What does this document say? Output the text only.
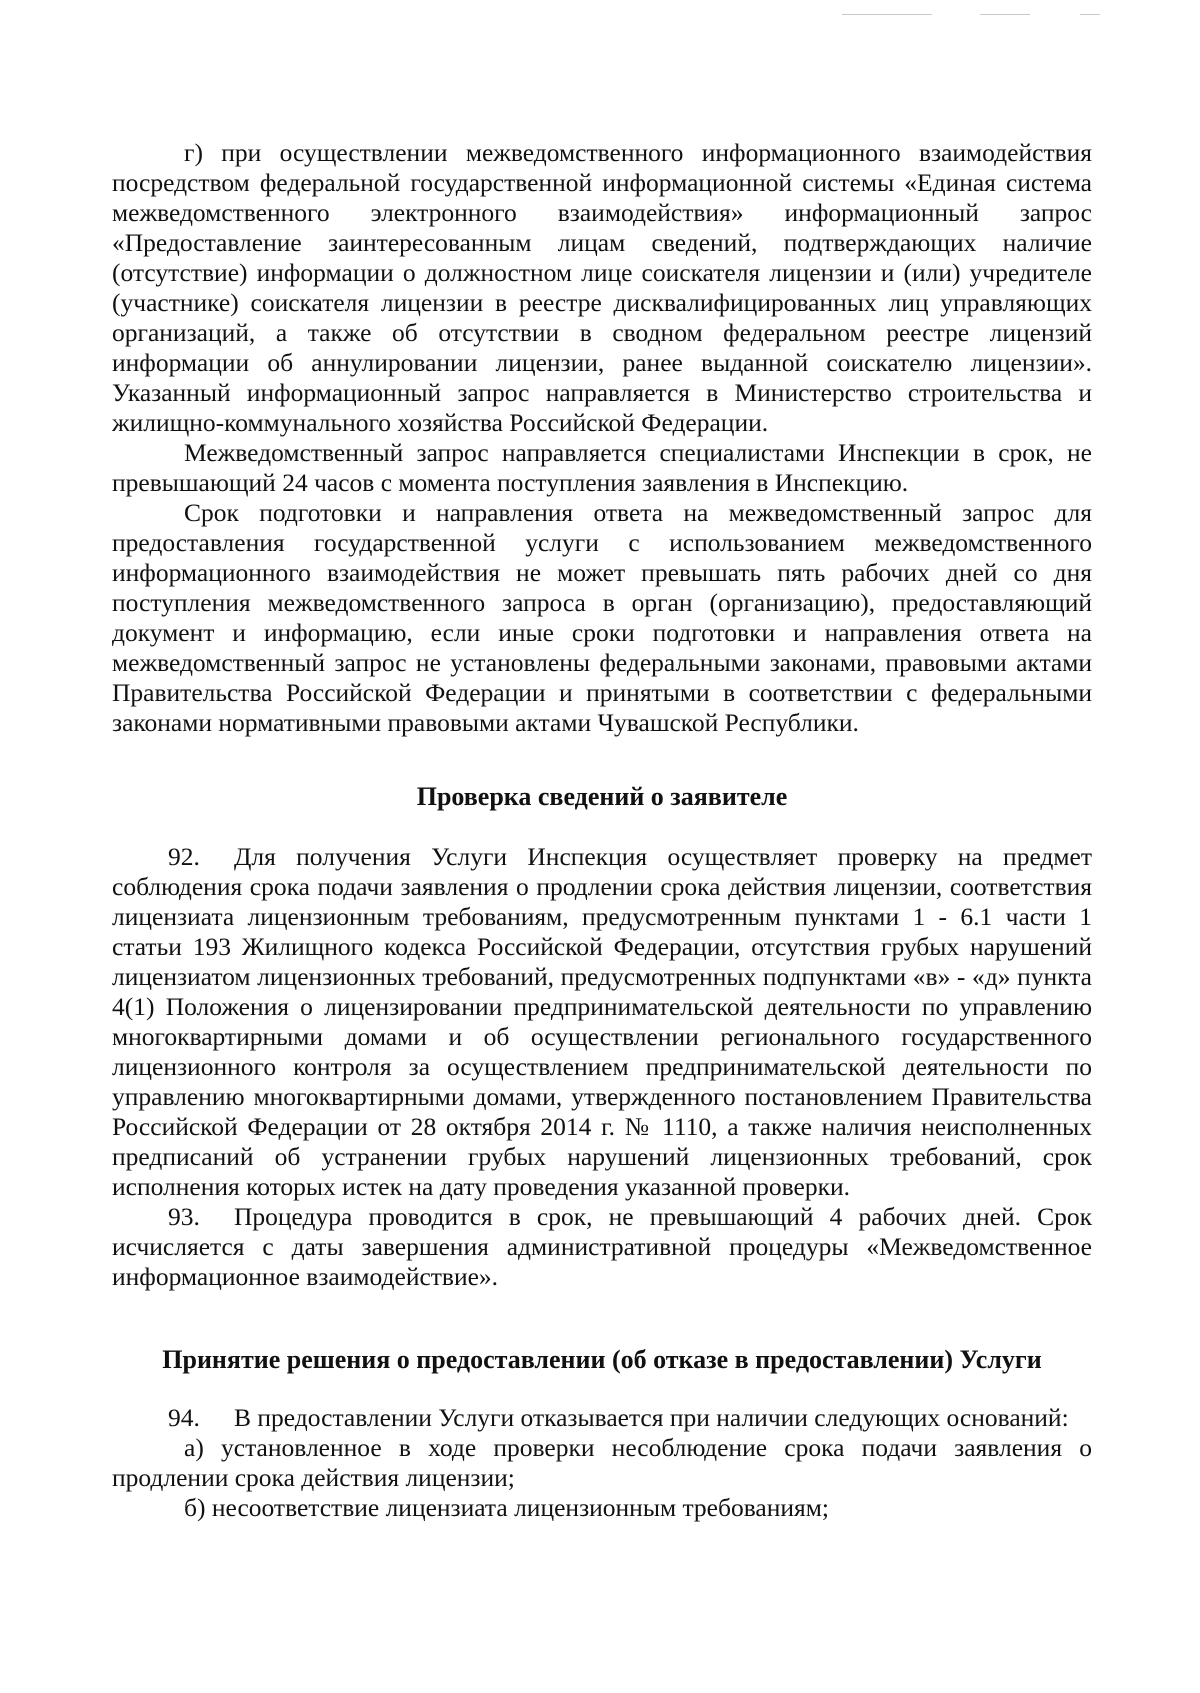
г) при осуществлении межведомственного информационного взаимодействия посредством федеральной государственной информационной системы «Единая система межведомственного электронного взаимодействия» информационный запрос «Предоставление заинтересованным лицам сведений, подтверждающих наличие (отсутствие) информации о должностном лице соискателя лицензии и (или) учредителе (участнике) соискателя лицензии в реестре дисквалифицированных лиц управляющих организаций, а также об отсутствии в сводном федеральном реестре лицензий информации об аннулировании лицензии, ранее выданной соискателю лицензии». Указанный информационный запрос направляется в Министерство строительства и жилищно-коммунального хозяйства Российской Федерации.

Межведомственный запрос направляется специалистами Инспекции в срок, не превышающий 24 часов с момента поступления заявления в Инспекцию.

Срок подготовки и направления ответа на межведомственный запрос для предоставления государственной услуги с использованием межведомственного информационного взаимодействия не может превышать пять рабочих дней со дня поступления межведомственного запроса в орган (организацию), предоставляющий документ и информацию, если иные сроки подготовки и направления ответа на межведомственный запрос не установлены федеральными законами, правовыми актами Правительства Российской Федерации и принятыми в соответствии с федеральными законами нормативными правовыми актами Чувашской Республики.

Проверка сведений о заявителе

92. Для получения Услуги Инспекция осуществляет проверку на предмет соблюдения срока подачи заявления о продлении срока действия лицензии, соответствия лицензиата лицензионным требованиям, предусмотренным пунктами 1 - 6.1 части 1 статьи 193 Жилищного кодекса Российской Федерации, отсутствия грубых нарушений лицензиатом лицензионных требований, предусмотренных подпунктами «в» - «д» пункта 4(1) Положения о лицензировании предпринимательской деятельности по управлению многоквартирными домами и об осуществлении регионального государственного лицензионного контроля за осуществлением предпринимательской деятельности по управлению многоквартирными домами, утвержденного постановлением Правительства Российской Федерации от 28 октября 2014 г. № 1110, а также наличия неисполненных предписаний об устранении грубых нарушений лицензионных требований, срок исполнения которых истек на дату проведения указанной проверки.

93. Процедура проводится в срок, не превышающий 4 рабочих дней. Срок исчисляется с даты завершения административной процедуры «Межведомственное информационное взаимодействие».

Принятие решения о предоставлении (об отказе в предоставлении) Услуги

94. В предоставлении Услуги отказывается при наличии следующих оснований:

а) установленное в ходе проверки несоблюдение срока подачи заявления о продлении срока действия лицензии;

б) несоответствие лицензиата лицензионным требованиям;
